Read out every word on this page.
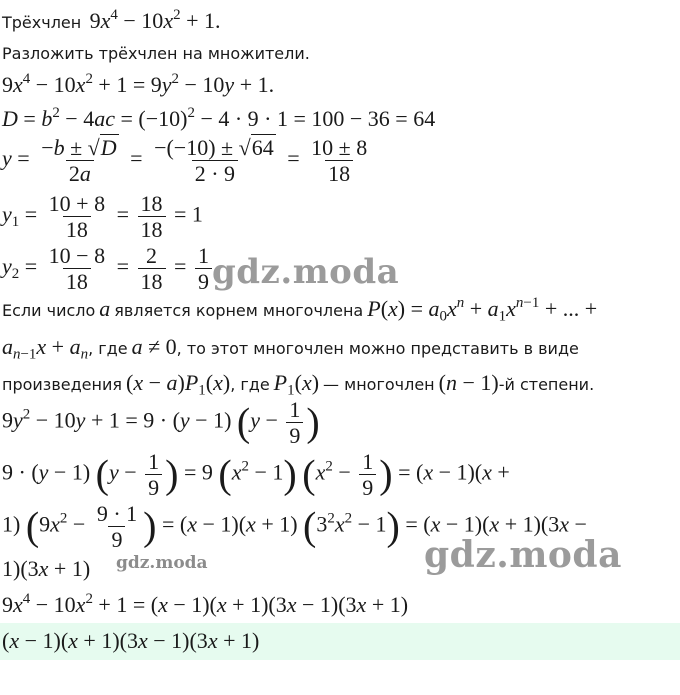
Трёхчлен  $9x^4 - 10x^2 + 1$.
Разложить трёхчлен на множители.
$9x^4 - 10x^2 + 1 = 9y^2 - 10y + 1$.
$D = b^2 - 4ac = (-10)^2 - 4 \cdot 9 \cdot 1 = 100 - 36 = 64$
$y = \frac{-b \pm √D}{2a} = \frac{-(-10) \pm √64}{2 \cdot 9} = \frac{10 \pm 8}{18}$
$y_1 = \frac{10 + 8}{18} = \frac{18}{18} = 1$
$y_2 = \frac{10 - 8}{18} = \frac{2}{18} = \frac{1}{9}$ gdz.moda
Если число a является корнем многочлена $P(x) = a_0x^n + a_1x^{n-1}$ + ... +
$a_{n-1}x + a_n$, где a ≠ 0, то этот многочлен можно представить в виде
произведения $(x - a)P_1(x)$, где $P_1(x)$ — многочлен (n − 1)-й степени.
$9y^2 - 10y + 1 = 9 \cdot (y - 1) (y - \frac{1}{9}$ )
9 · (y − 1) ($y - \frac{1}{9}$ ) = 9 $(x^2 - 1) (x^2 - \frac{1}{9}$ ) = (x − 1)(x +
1) ($9x^2 - \frac{9 \cdot 1}{9}$ ) = (x − 1)(x + 1) $(3^2x^2 - 1) = (x - 1)(x + 1)(3x$ −
1)(3x + 1) gdz.moda	gdz.moda
$9x^4 - 10x^2 + 1 = (x - 1)(x + 1)(3x - 1)(3x + 1)$
(x − 1)(x + 1)(3x − 1)(3x + 1)
